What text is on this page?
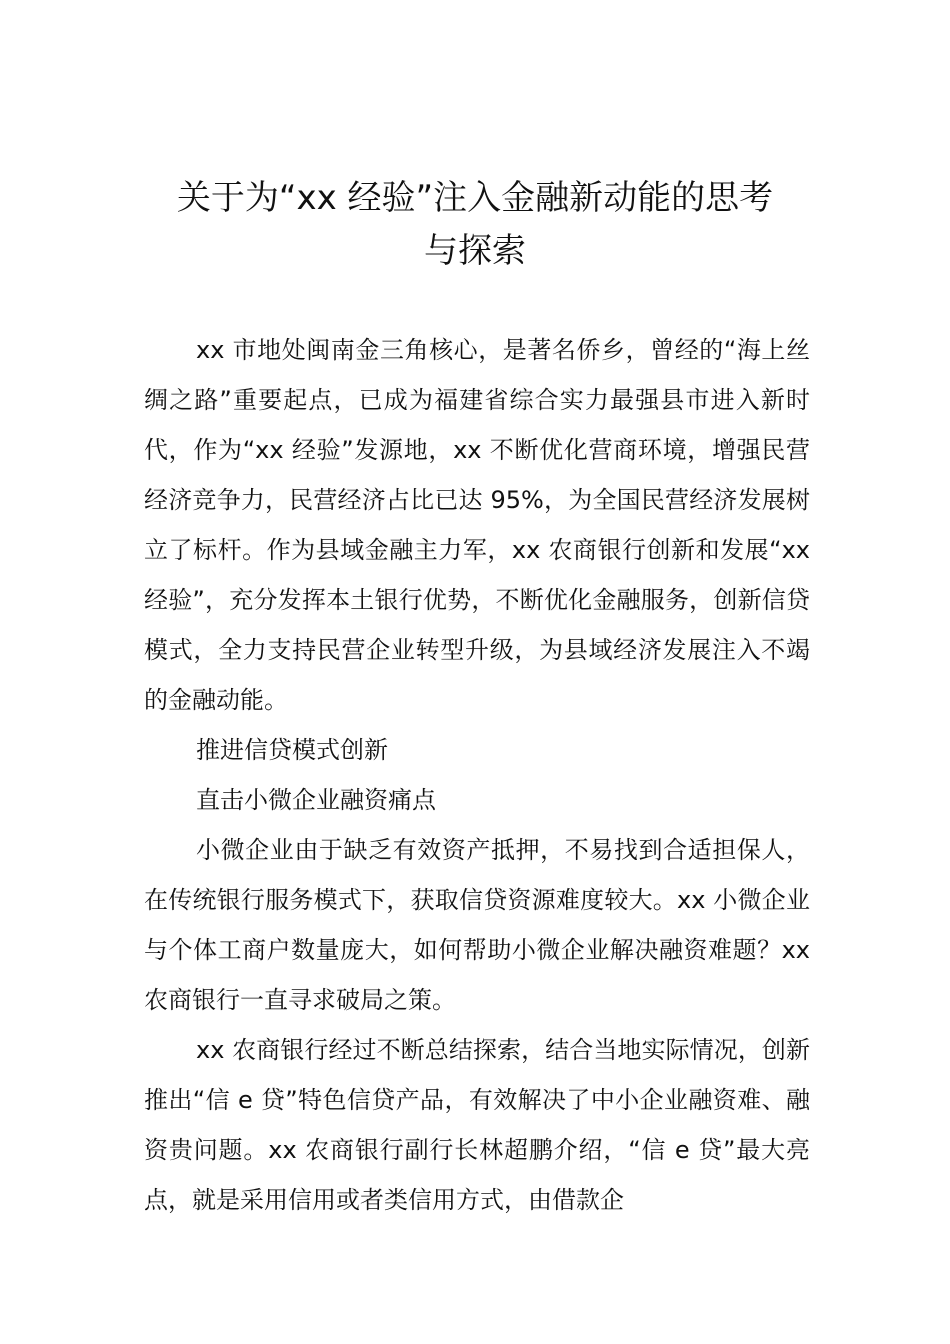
关于为“xx 经验”注入金融新动能的思考
与探索

xx 市地处闽南金三角核心，是著名侨乡，曾经的“海上丝绸之路”重要起点，已成为福建省综合实力最强县市进入新时代，作为“xx 经验”发源地，xx 不断优化营商环境，增强民营经济竞争力，民营经济占比已达 95%，为全国民营经济发展树立了标杆。作为县域金融主力军，xx 农商银行创新和发展“xx 经验”，充分发挥本土银行优势，不断优化金融服务，创新信贷模式，全力支持民营企业转型升级，为县域经济发展注入不竭的金融动能。

推进信贷模式创新

直击小微企业融资痛点

小微企业由于缺乏有效资产抵押，不易找到合适担保人，在传统银行服务模式下，获取信贷资源难度较大。xx 小微企业与个体工商户数量庞大，如何帮助小微企业解决融资难题？xx 农商银行一直寻求破局之策。

xx 农商银行经过不断总结探索，结合当地实际情况，创新推出“信 e 贷”特色信贷产品，有效解决了中小企业融资难、融资贵问题。xx 农商银行副行长林超鹏介绍，“信 e 贷”最大亮点，就是采用信用或者类信用方式，由借款企
